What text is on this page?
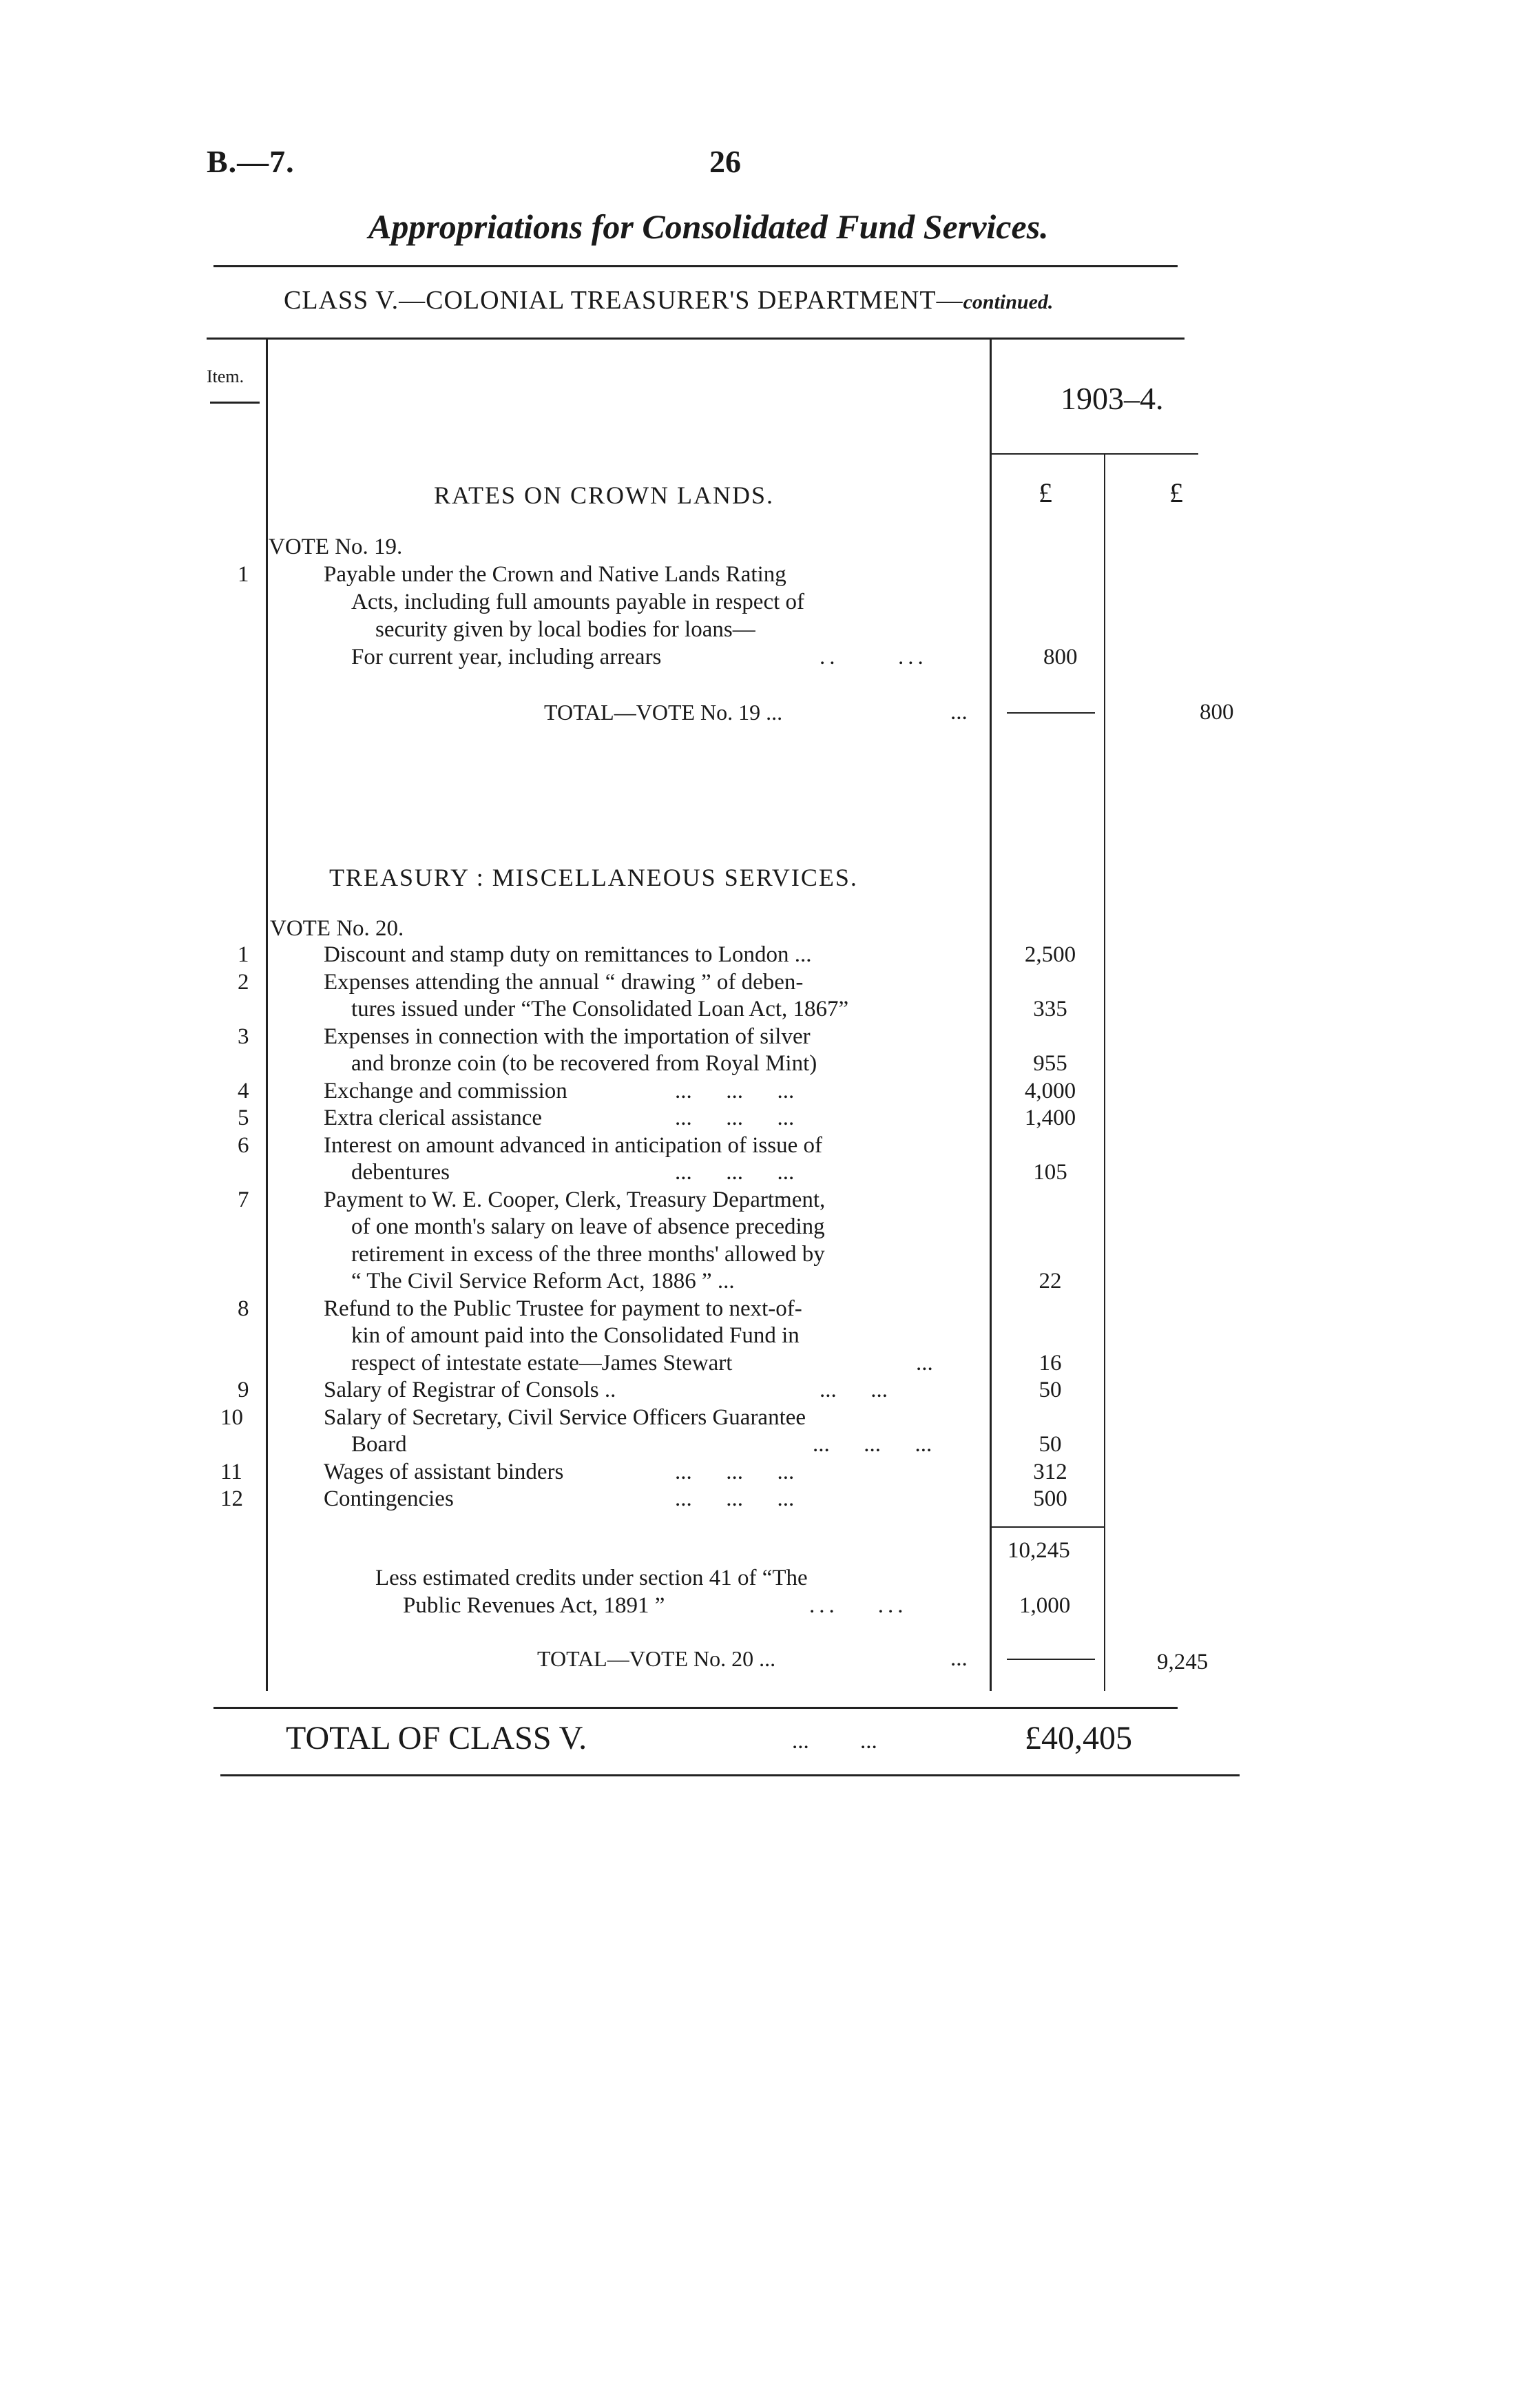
B.—7.	26
Appropriations for Consolidated Fund Services.
CLASS V.—COLONIAL TREASURER'S DEPARTMENT—continued.
Item.
1903–4.
£	£
RATES ON CROWN LANDS.
VOTE No. 19.
1	Payable under the Crown and Native Lands Rating
Acts, including full amounts payable in respect of
security given by local bodies for loans—
For current year, including arrears	..      ...	800
TOTAL—VOTE No. 19 ...	...	800
TREASURY : MISCELLANEOUS SERVICES.
VOTE No. 20.
1	Discount and stamp duty on remittances to London ...	2,500
2	Expenses attending the annual “ drawing ” of deben-
tures issued under “The Consolidated Loan Act, 1867”	335
3	Expenses in connection with the importation of silver
and bronze coin (to be recovered from Royal Mint)	955
4	Exchange and commission	...      ...      ...	4,000
5	Extra clerical assistance	...      ...      ...	1,400
6	Interest on amount advanced in anticipation of issue of
debentures	...      ...      ...	105
7	Payment to W. E. Cooper, Clerk, Treasury Department,
of one month's salary on leave of absence preceding
retirement in excess of the three months' allowed by
“ The Civil Service Reform Act, 1886 ” ...	22
8	Refund to the Public Trustee for payment to next-of-
kin of amount paid into the Consolidated Fund in
respect of intestate estate—James Stewart	...	16
9	Salary of Registrar of Consols ..	...      ...	50
10	Salary of Secretary, Civil Service Officers Guarantee
Board	...      ...      ...	50
11	Wages of assistant binders	...      ...      ...	312
12	Contingencies	...      ...      ...	500
10,245
Less estimated credits under section 41 of “The
Public Revenues Act, 1891 ”	...    ...	1,000
TOTAL—VOTE No. 20 ...	...	9,245
TOTAL OF CLASS V.	...         ...	£40,405
